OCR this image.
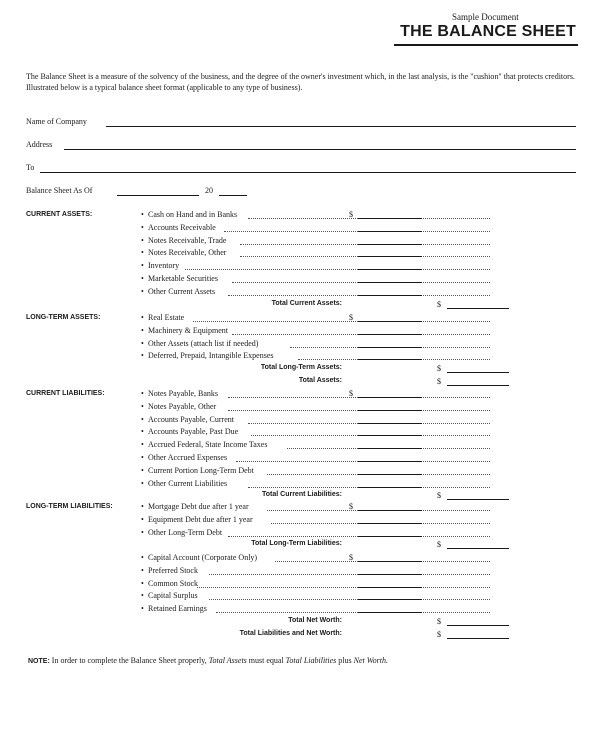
Sample Document
THE BALANCE SHEET
The Balance Sheet is a measure of the solvency of the business, and the degree of the owner's investment which, in the last analysis, is the "cushion" that protects creditors. Illustrated below is a typical balance sheet format (applicable to any type of business).
Name of Company
Address
To
Balance Sheet As Of	20
CURRENT ASSETS:	• Cash on Hand and in Banks	$
• Accounts Receivable
• Notes Receivable, Trade
• Notes Receivable, Other
• Inventory
• Marketable Securities
• Other Current Assets
Total Current Assets:	$
LONG-TERM ASSETS:	• Real Estate	$
• Machinery & Equipment
• Other Assets (attach list if needed)
• Deferred, Prepaid, Intangible Expenses
Total Long-Term Assets:	$
Total Assets:	$
CURRENT LIABILITIES:	• Notes Payable, Banks	$
• Notes Payable, Other
• Accounts Payable, Current
• Accounts Payable, Past Due
• Accrued Federal, State Income Taxes
• Other Accrued Expenses
• Current Portion Long-Term Debt
• Other Current Liabilities
Total Current Liabilities:	$
LONG-TERM LIABILITIES:	• Mortgage Debt due after 1 year	$
• Equipment Debt due after 1 year
• Other Long-Term Debt
Total Long-Term Liabilities:	$
• Capital Account (Corporate Only)	$
• Preferred Stock
• Common Stock
• Capital Surplus
• Retained Earnings
Total Net Worth:	$
Total Liabilities and Net Worth:	$
NOTE: In order to complete the Balance Sheet properly, Total Assets must equal Total Liabilities plus Net Worth.
